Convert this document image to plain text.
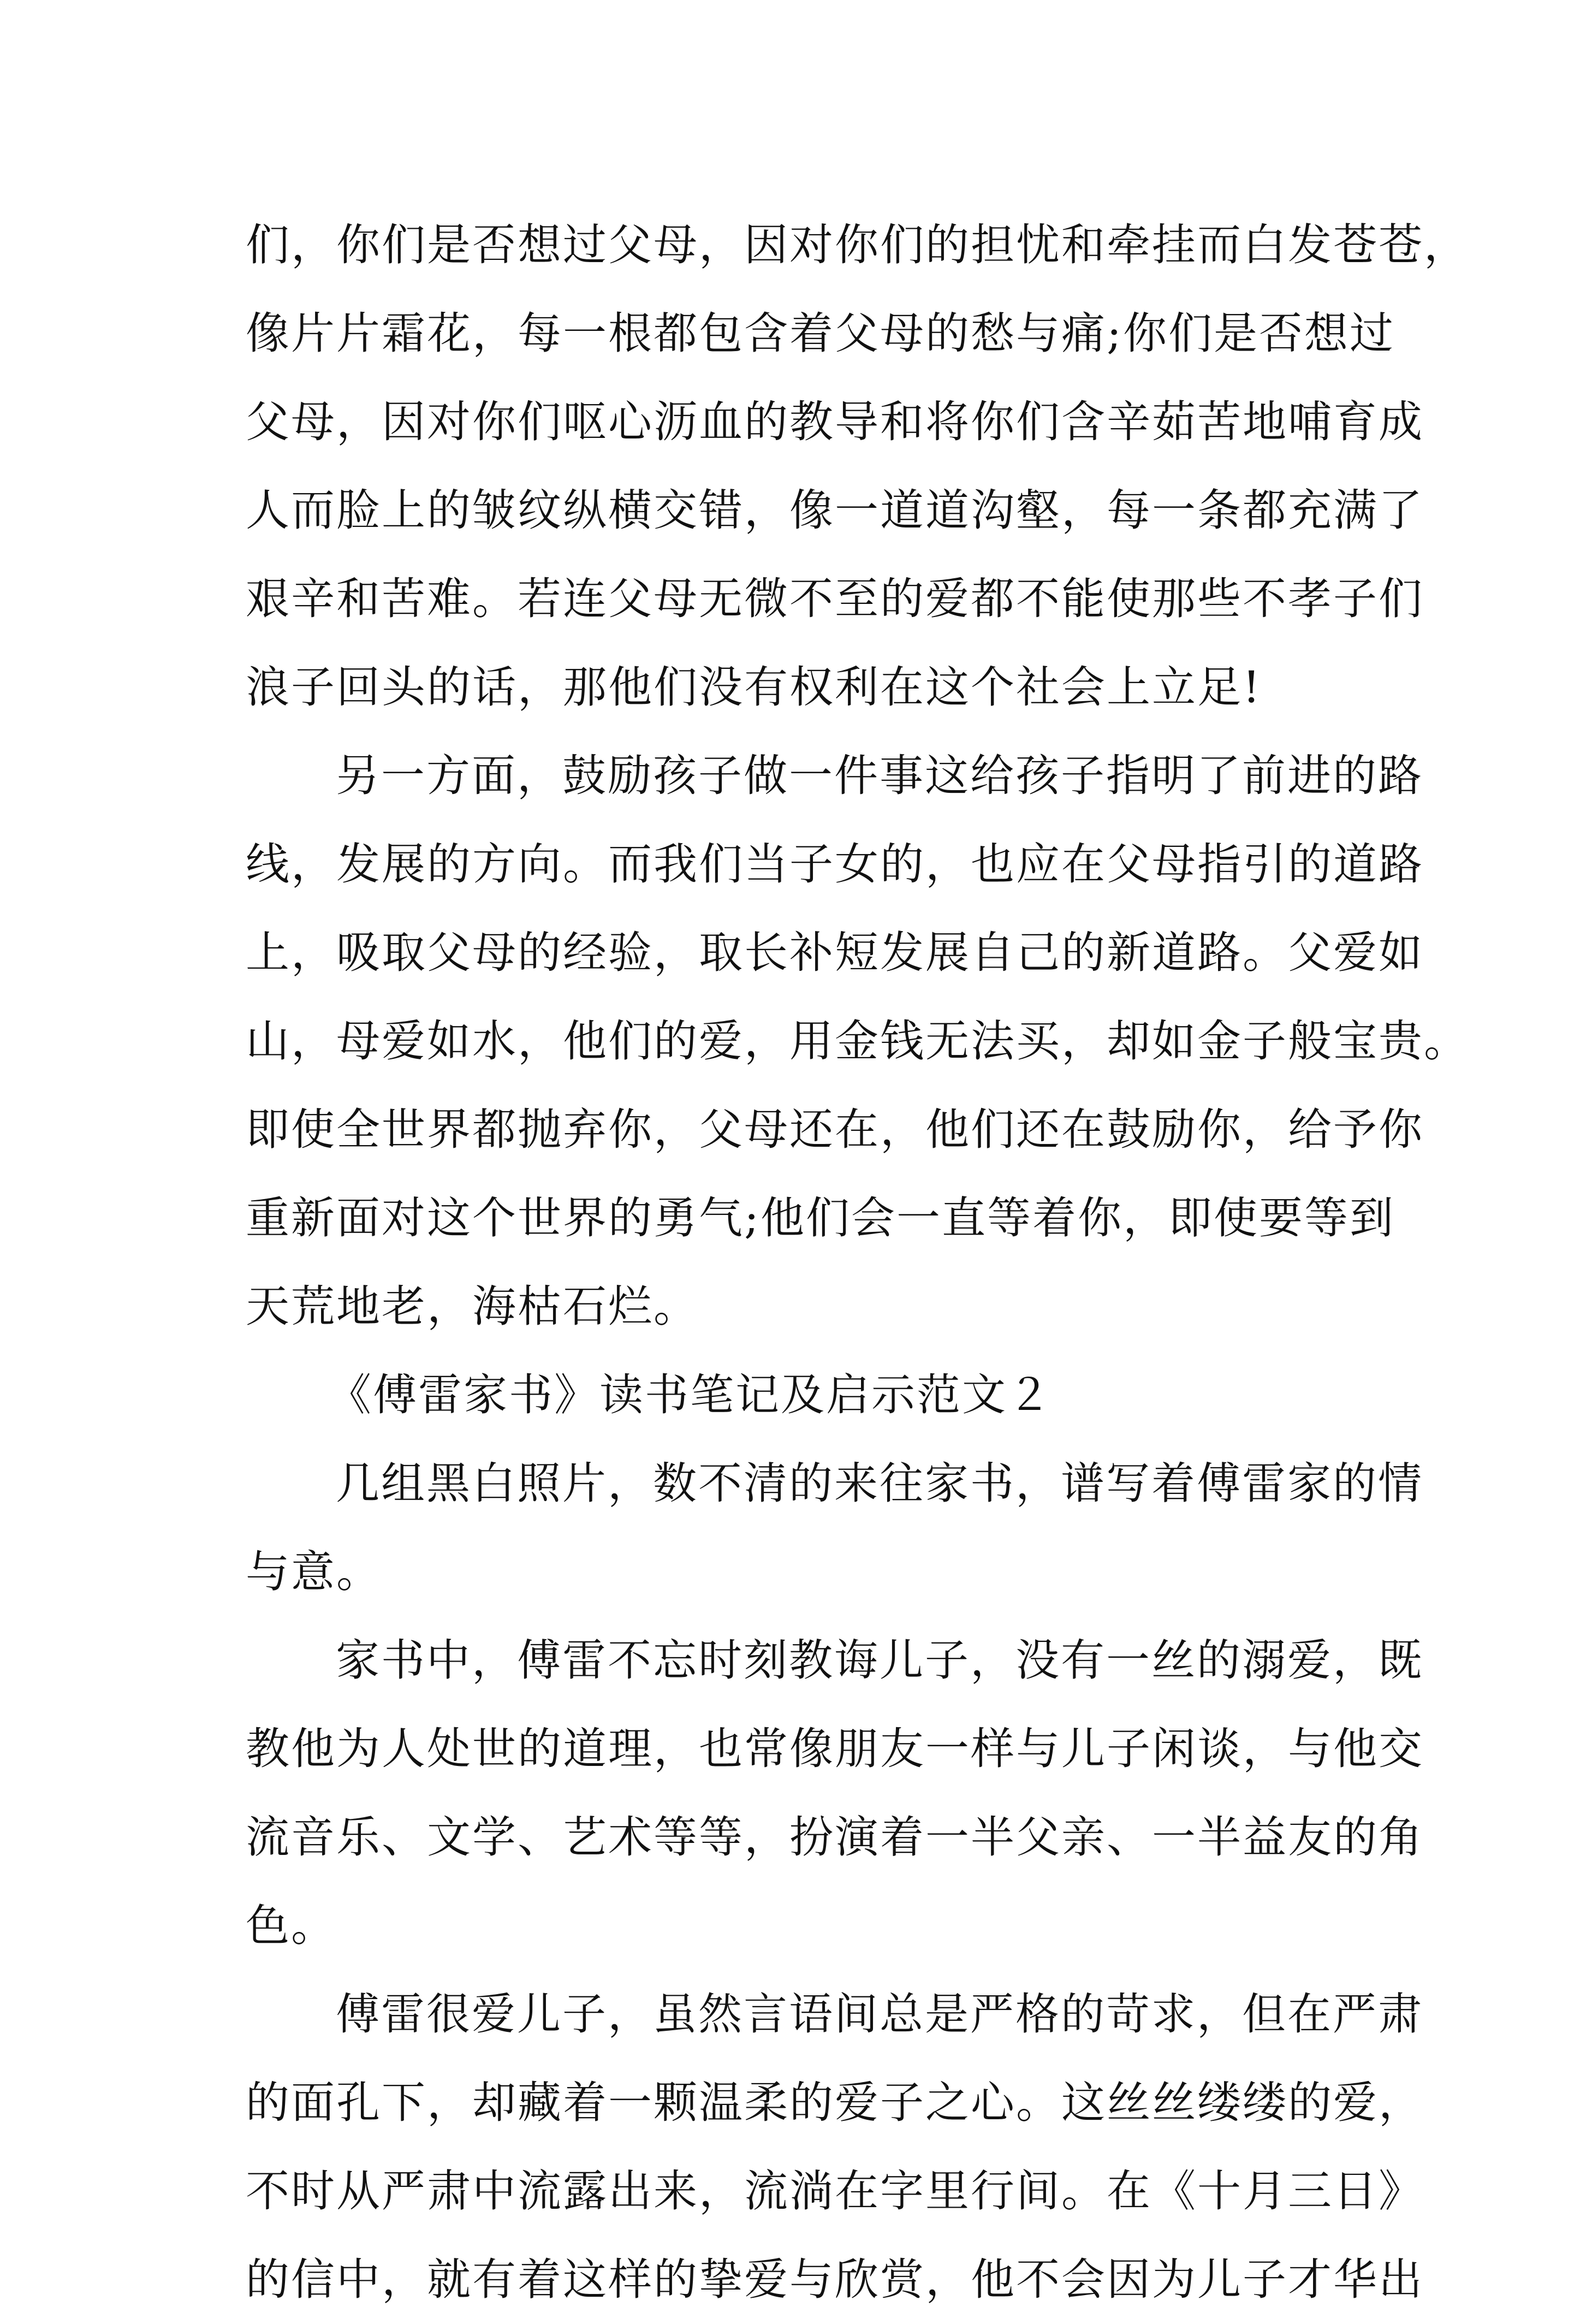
们，你们是否想过父母，因对你们的担忧和牵挂而白发苍苍，
像片片霜花，每一根都包含着父母的愁与痛;你们是否想过
父母，因对你们呕心沥血的教导和将你们含辛茹苦地哺育成
人而脸上的皱纹纵横交错，像一道道沟壑，每一条都充满了
艰辛和苦难。若连父母无微不至的爱都不能使那些不孝子们
浪子回头的话，那他们没有权利在这个社会上立足!
另一方面，鼓励孩子做一件事这给孩子指明了前进的路
线，发展的方向。而我们当子女的，也应在父母指引的道路
上，吸取父母的经验，取长补短发展自己的新道路。父爱如
山，母爱如水，他们的爱，用金钱无法买，却如金子般宝贵。
即使全世界都抛弃你，父母还在，他们还在鼓励你，给予你
重新面对这个世界的勇气;他们会一直等着你，即使要等到
天荒地老，海枯石烂。
《傅雷家书》读书笔记及启示范文２
几组黑白照片，数不清的来往家书，谱写着傅雷家的情
与意。
家书中，傅雷不忘时刻教诲儿子，没有一丝的溺爱，既
教他为人处世的道理，也常像朋友一样与儿子闲谈，与他交
流音乐、文学、艺术等等，扮演着一半父亲、一半益友的角
色。
傅雷很爱儿子，虽然言语间总是严格的苛求，但在严肃
的面孔下，却藏着一颗温柔的爱子之心。这丝丝缕缕的爱，
不时从严肃中流露出来，流淌在字里行间。在《十月三日》
的信中，就有着这样的挚爱与欣赏，他不会因为儿子才华出
